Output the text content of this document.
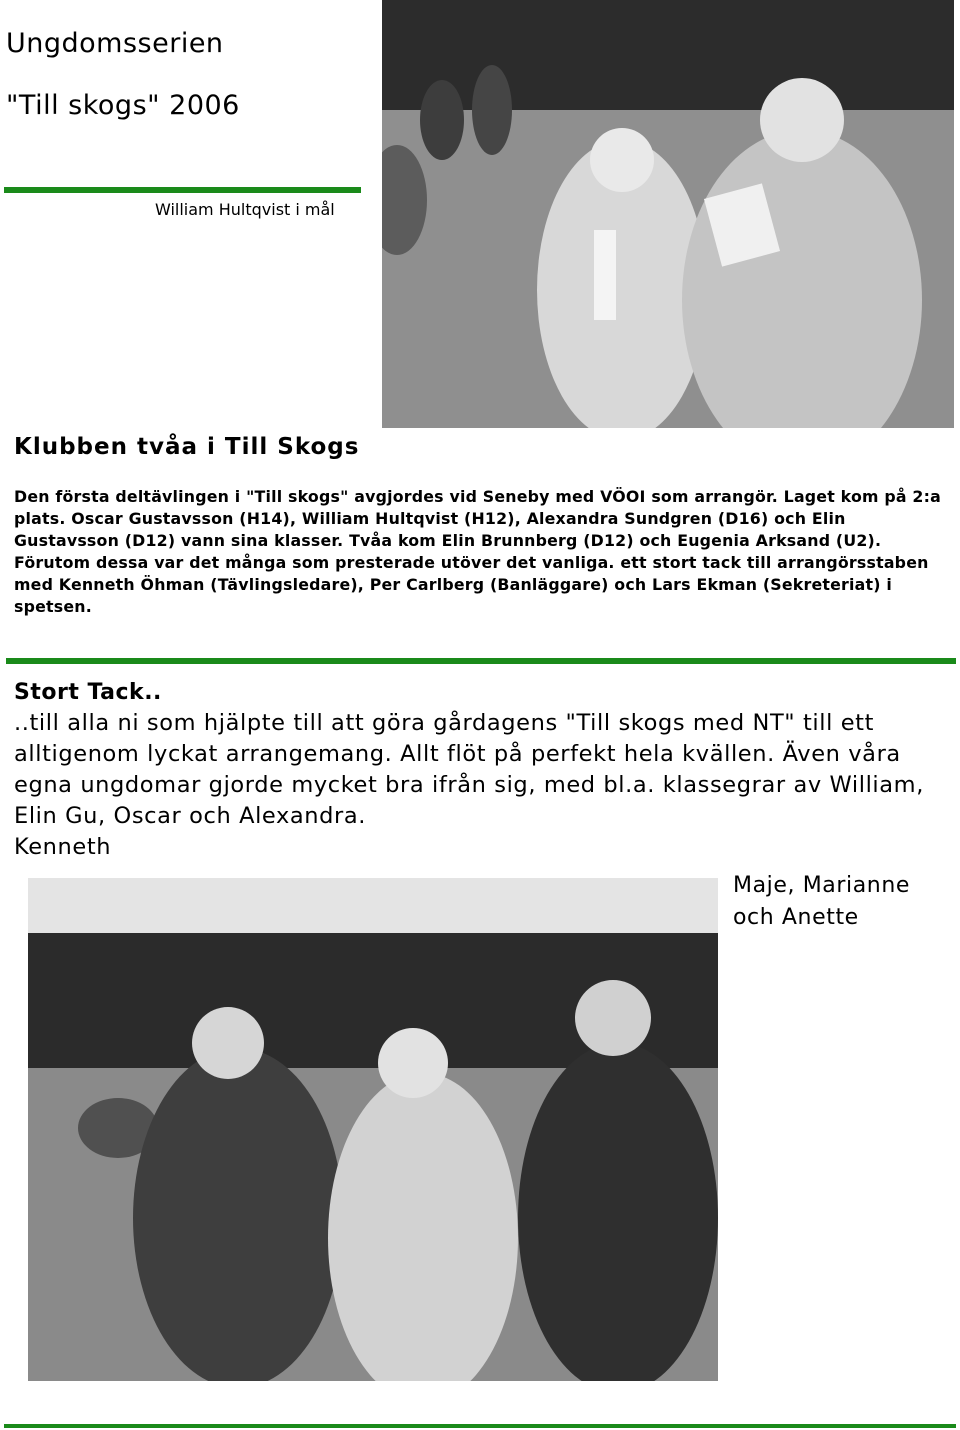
Ungdomsserien
"Till skogs" 2006
William Hultqvist i mål
Klubben tvåa i Till Skogs
Den första deltävlingen i "Till skogs" avgjordes vid Seneby med VÖOI som arrangör. Laget kom på 2:a plats. Oscar Gustavsson (H14), William Hultqvist (H12), Alexandra Sundgren (D16) och Elin Gustavsson (D12) vann sina klasser. Tvåa kom Elin Brunnberg (D12) och Eugenia Arksand (U2). Förutom dessa var det många som presterade utöver det vanliga. ett stort tack till arrangörsstaben med Kenneth Öhman (Tävlingsledare), Per Carlberg (Banläggare) och Lars Ekman (Sekreteriat) i spetsen.
Stort Tack..
..till alla ni som hjälpte till att göra gårdagens "Till skogs med NT" till ett alltigenom lyckat arrangemang. Allt flöt på perfekt hela kvällen. Även våra egna ungdomar gjorde mycket bra ifrån sig, med bl.a. klassegrar av William, Elin Gu, Oscar och Alexandra.
Kenneth
Maje, Marianne
och Anette
